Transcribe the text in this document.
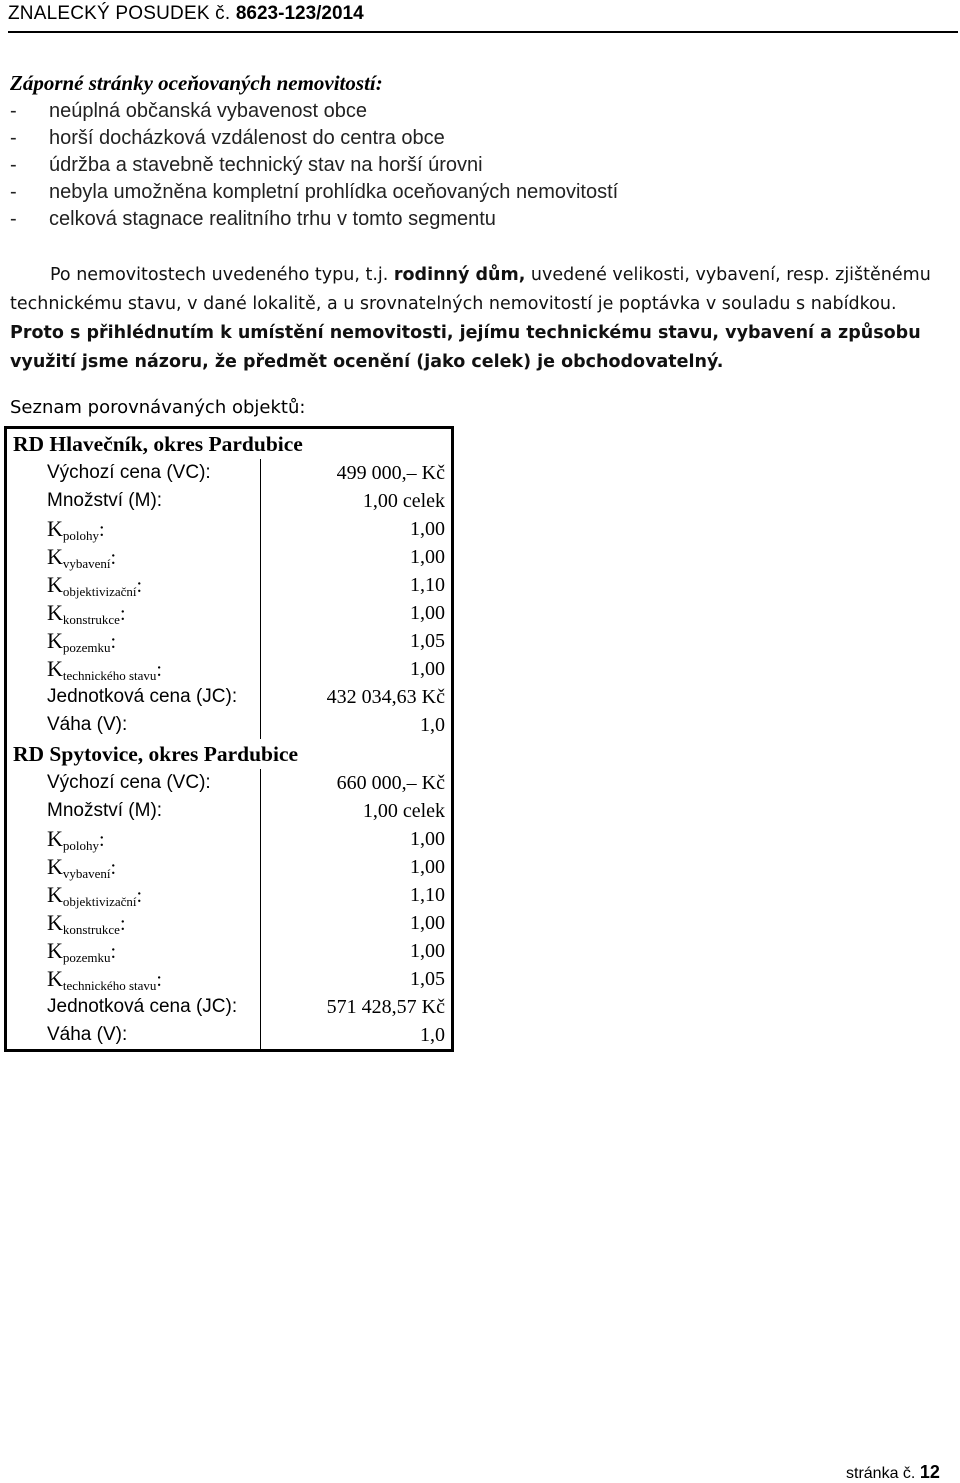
ZNALECKÝ POSUDEK č. 8623-123/2014
Záporné stránky oceňovaných nemovitostí:
-	neúplná občanská vybavenost obce
-	horší docházková vzdálenost do centra obce
-	údržba a stavebně technický stav na horší úrovni
-	nebyla umožněna kompletní prohlídka oceňovaných nemovitostí
-	celková stagnace realitního trhu v tomto segmentu
Po nemovitostech uvedeného typu, t.j. rodinný dům, uvedené velikosti, vybavení, resp. zjištěnému technickému stavu, v dané lokalitě, a u srovnatelných nemovitostí je poptávka v souladu s nabídkou. Proto s přihlédnutím k umístění nemovitosti, jejímu technickému stavu, vybavení a způsobu využití jsme názoru, že předmět ocenění (jako celek) je obchodovatelný.
Seznam porovnávaných objektů:
RD Hlavečník, okres Pardubice
Výchozí cena (VC):	499 000,– Kč
Množství (M):	1,00 celek
$K_{polohy}$:	1,00
$K_{vybavení}$:	1,00
$K_{objektivizační}$:	1,10
$K_{konstrukce}$:	1,00
$K_{pozemku}$:	1,05
$K_{technického stavu}$:	1,00
Jednotková cena (JC):	432 034,63 Kč
Váha (V):	1,0
RD Spytovice, okres Pardubice
Výchozí cena (VC):	660 000,– Kč
Množství (M):	1,00 celek
$K_{polohy}$:	1,00
$K_{vybavení}$:	1,00
$K_{objektivizační}$:	1,10
$K_{konstrukce}$:	1,00
$K_{pozemku}$:	1,00
$K_{technického stavu}$:	1,05
Jednotková cena (JC):	571 428,57 Kč
Váha (V):	1,0
stránka č. 12
